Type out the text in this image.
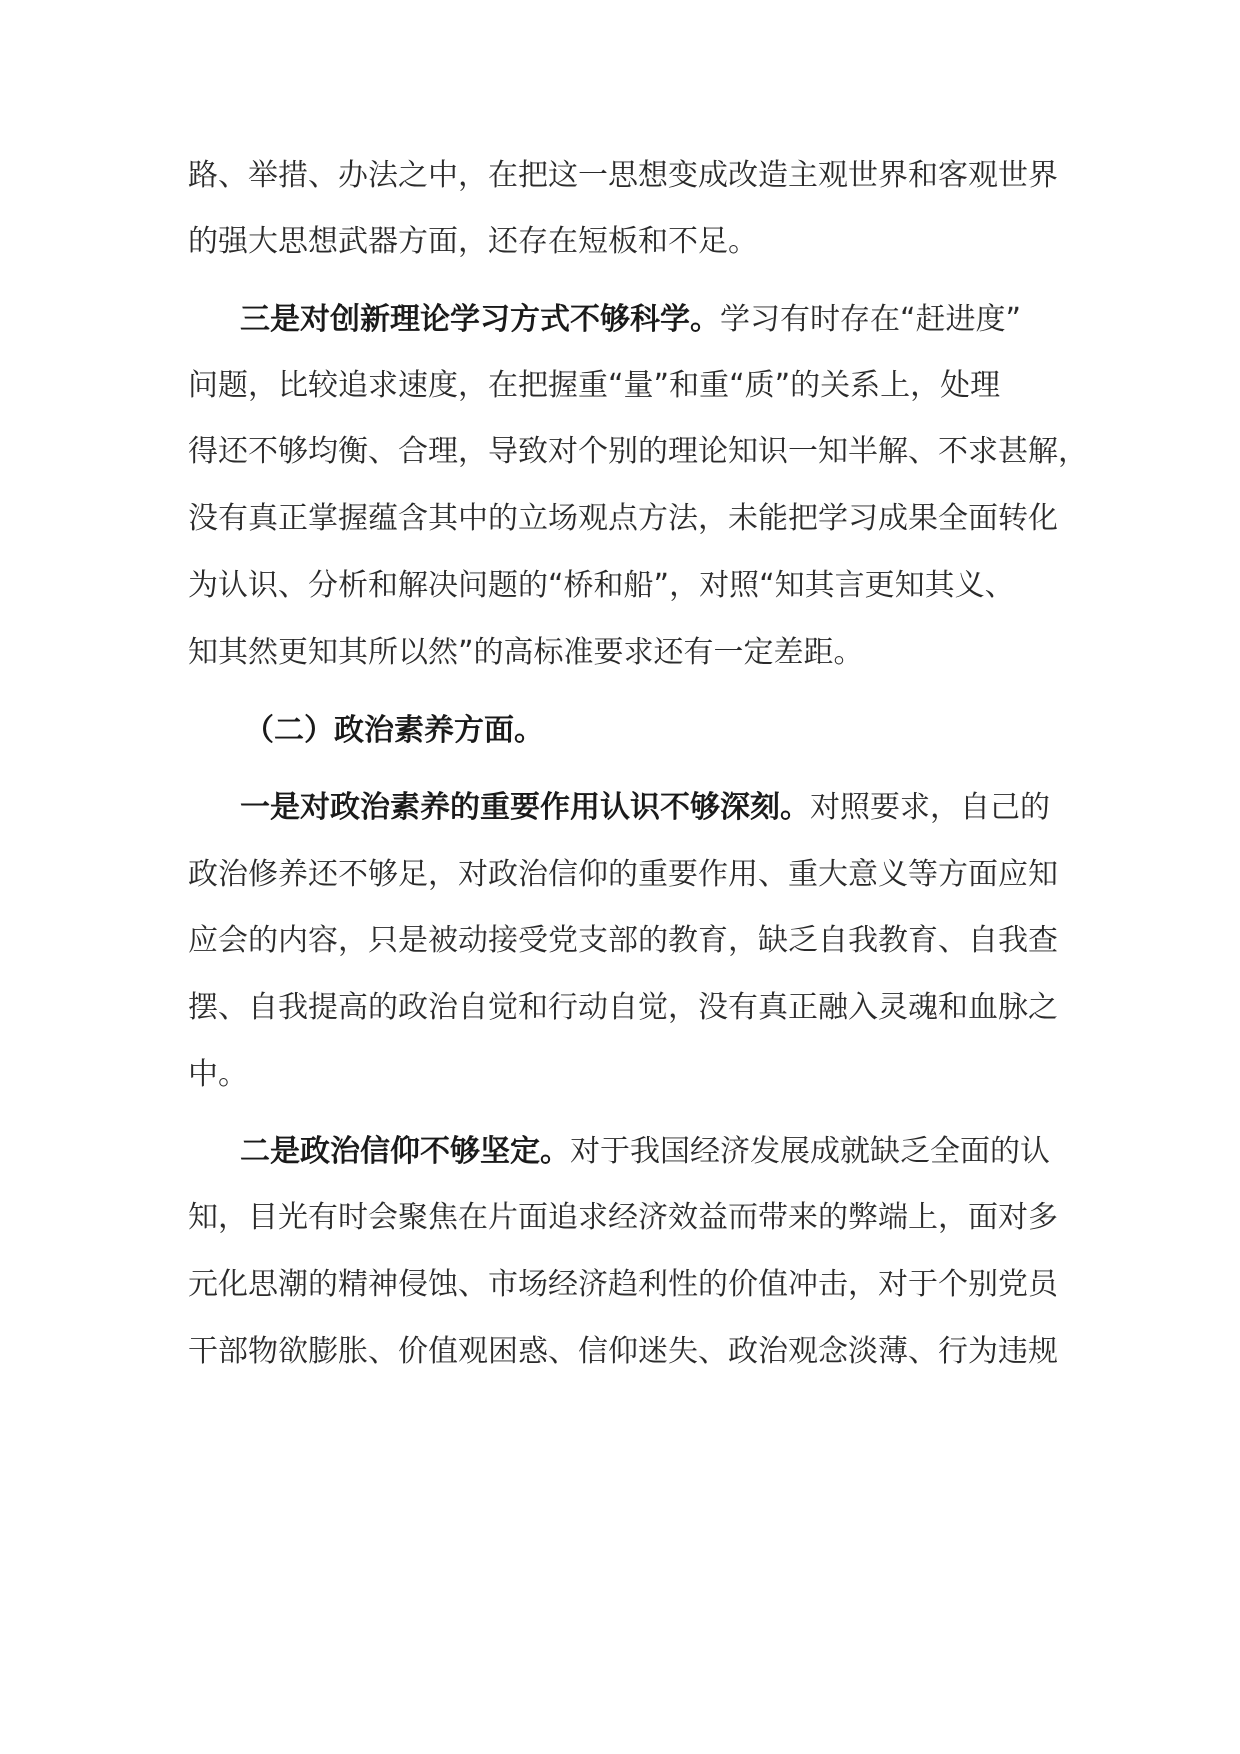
路、举措、办法之中，在把这一思想变成改造主观世界和客观世界
的强大思想武器方面，还存在短板和不足。
三是对创新理论学习方式不够科学。学习有时存在“赶进度”
问题，比较追求速度，在把握重“量”和重“质”的关系上，处理
得还不够均衡、合理，导致对个别的理论知识一知半解、不求甚解，
没有真正掌握蕴含其中的立场观点方法，未能把学习成果全面转化
为认识、分析和解决问题的“桥和船”，对照“知其言更知其义、
知其然更知其所以然”的高标准要求还有一定差距。
（二）政治素养方面。
一是对政治素养的重要作用认识不够深刻。对照要求，自己的
政治修养还不够足，对政治信仰的重要作用、重大意义等方面应知
应会的内容，只是被动接受党支部的教育，缺乏自我教育、自我查
摆、自我提高的政治自觉和行动自觉，没有真正融入灵魂和血脉之
中。
二是政治信仰不够坚定。对于我国经济发展成就缺乏全面的认
知，目光有时会聚焦在片面追求经济效益而带来的弊端上，面对多
元化思潮的精神侵蚀、市场经济趋利性的价值冲击，对于个别党员
干部物欲膨胀、价值观困惑、信仰迷失、政治观念淡薄、行为违规
